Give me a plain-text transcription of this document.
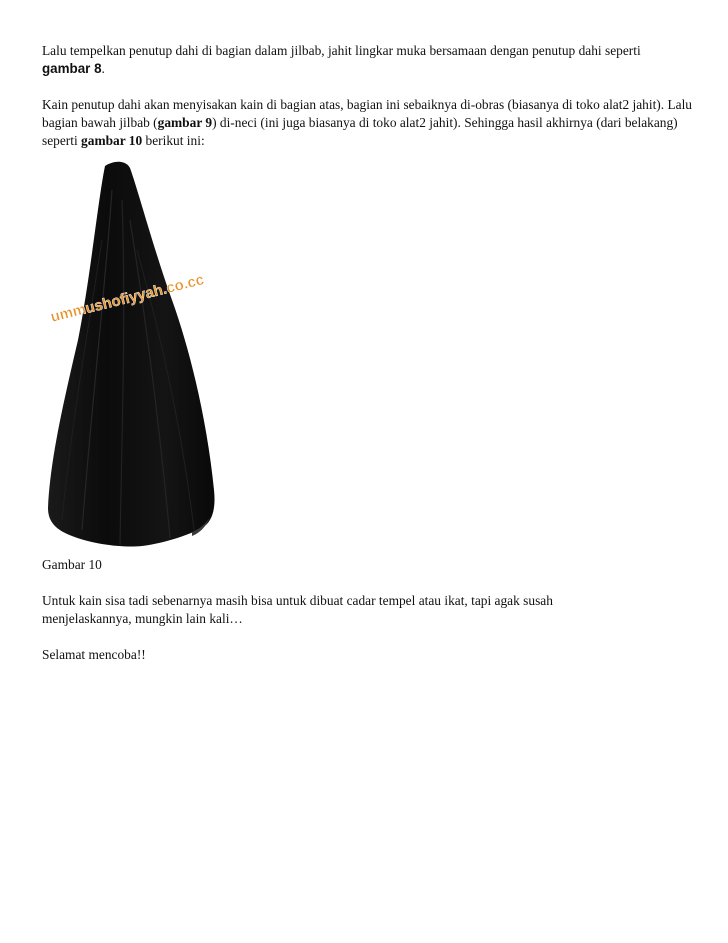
Lalu tempelkan penutup dahi di bagian dalam jilbab, jahit lingkar muka bersamaan dengan penutup dahi seperti gambar 8.

Kain penutup dahi akan menyisakan kain di bagian atas, bagian ini sebaiknya di-obras (biasanya di toko alat2 jahit). Lalu bagian bawah jilbab (gambar 9) di-neci (ini juga biasanya di toko alat2 jahit). Sehingga hasil akhirnya (dari belakang) seperti gambar 10 berikut ini:

ummushofiyyah.co.cc

Gambar 10

Untuk kain sisa tadi sebenarnya masih bisa untuk dibuat cadar tempel atau ikat, tapi agak susah menjelaskannya, mungkin lain kali…

Selamat mencoba!!
